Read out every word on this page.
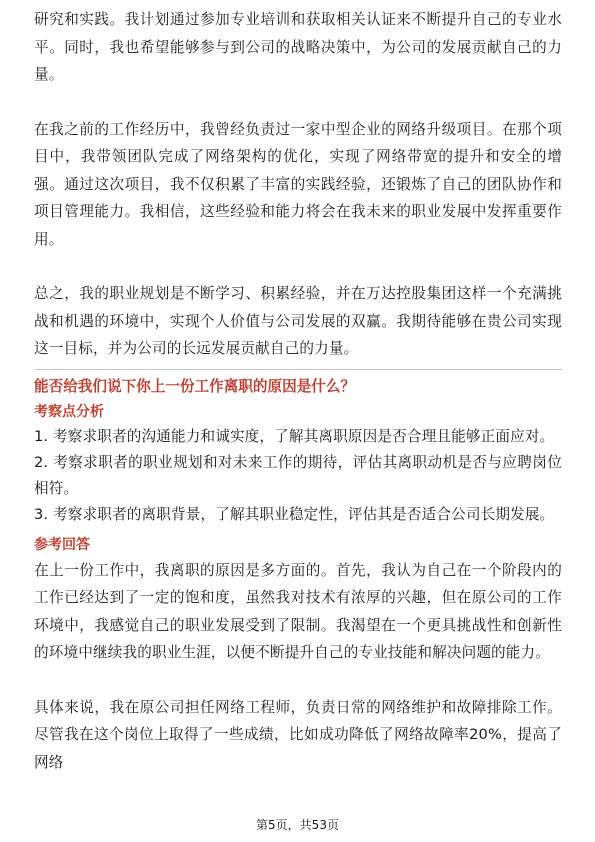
研究和实践。我计划通过参加专业培训和获取相关认证来不断提升自己的专业水平。同时，我也希望能够参与到公司的战略决策中，为公司的发展贡献自己的力量。

在我之前的工作经历中，我曾经负责过一家中型企业的网络升级项目。在那个项目中，我带领团队完成了网络架构的优化，实现了网络带宽的提升和安全的增强。通过这次项目，我不仅积累了丰富的实践经验，还锻炼了自己的团队协作和项目管理能力。我相信，这些经验和能力将会在我未来的职业发展中发挥重要作用。

总之，我的职业规划是不断学习、积累经验，并在万达控股集团这样一个充满挑战和机遇的环境中，实现个人价值与公司发展的双赢。我期待能够在贵公司实现这一目标，并为公司的长远发展贡献自己的力量。

能否给我们说下你上一份工作离职的原因是什么？

考察点分析

1. 考察求职者的沟通能力和诚实度，了解其离职原因是否合理且能够正面应对。

2. 考察求职者的职业规划和对未来工作的期待，评估其离职动机是否与应聘岗位相符。

3. 考察求职者的离职背景，了解其职业稳定性，评估其是否适合公司长期发展。

参考回答

在上一份工作中，我离职的原因是多方面的。首先，我认为自己在一个阶段内的工作已经达到了一定的饱和度，虽然我对技术有浓厚的兴趣，但在原公司的工作环境中，我感觉自己的职业发展受到了限制。我渴望在一个更具挑战性和创新性的环境中继续我的职业生涯，以便不断提升自己的专业技能和解决问题的能力。

具体来说，我在原公司担任网络工程师，负责日常的网络维护和故障排除工作。尽管我在这个岗位上取得了一些成绩，比如成功降低了网络故障率20%，提高了网络

第5页，共53页
